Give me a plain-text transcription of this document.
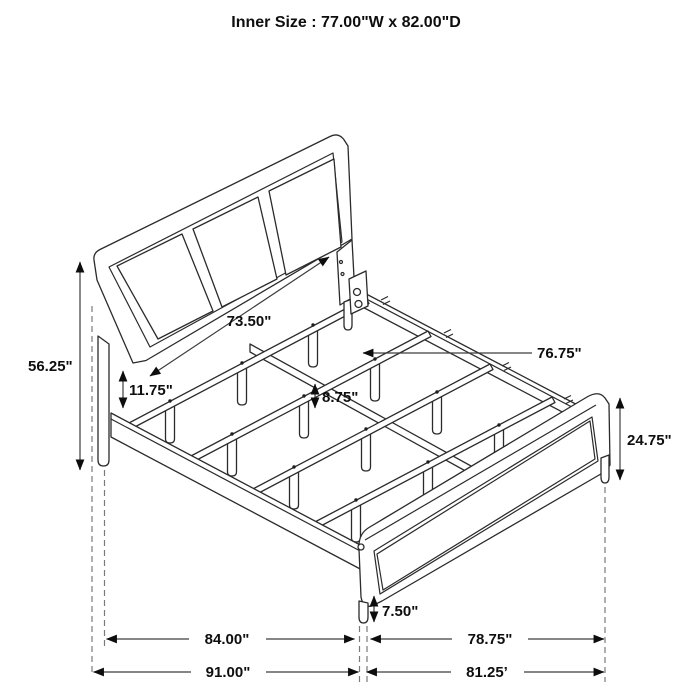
Inner Size : 77.00"W x 82.00"D
56.25"
11.75"
73.50"
76.75"
8.75"
24.75"
7.50"
84.00"	78.75"
91.00"	81.25’
